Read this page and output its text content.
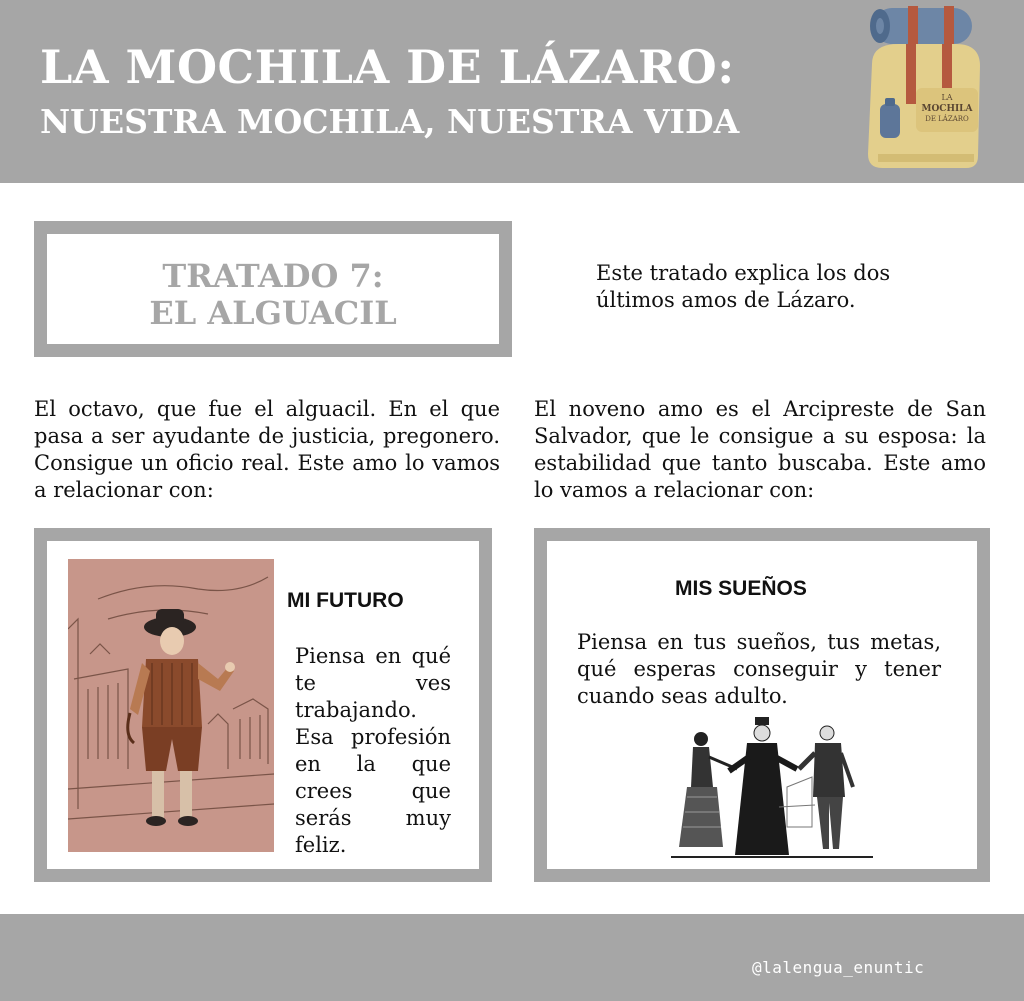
LA MOCHILA DE LÁZARO:
NUESTRA MOCHILA, NUESTRA VIDA
LA
MOCHILA
DE LÁZARO
TRATADO 7:
EL ALGUACIL
Este tratado explica los dos últimos amos de Lázaro.
El octavo, que fue el alguacil. En el que pasa a ser ayudante de justicia, pregonero. Consigue un oficio real. Este amo lo vamos a relacionar con:
El noveno amo es el Arcipreste de San Salvador, que le consigue a su esposa: la estabilidad que tanto buscaba. Este amo lo vamos a relacionar con:
MI FUTURO
Piensa en qué te ves trabajando. Esa profesión en la que crees que serás muy feliz.
MIS SUEÑOS
Piensa en tus sueños, tus metas, qué esperas conseguir y tener cuando seas adulto.
@lalengua_enuntic
